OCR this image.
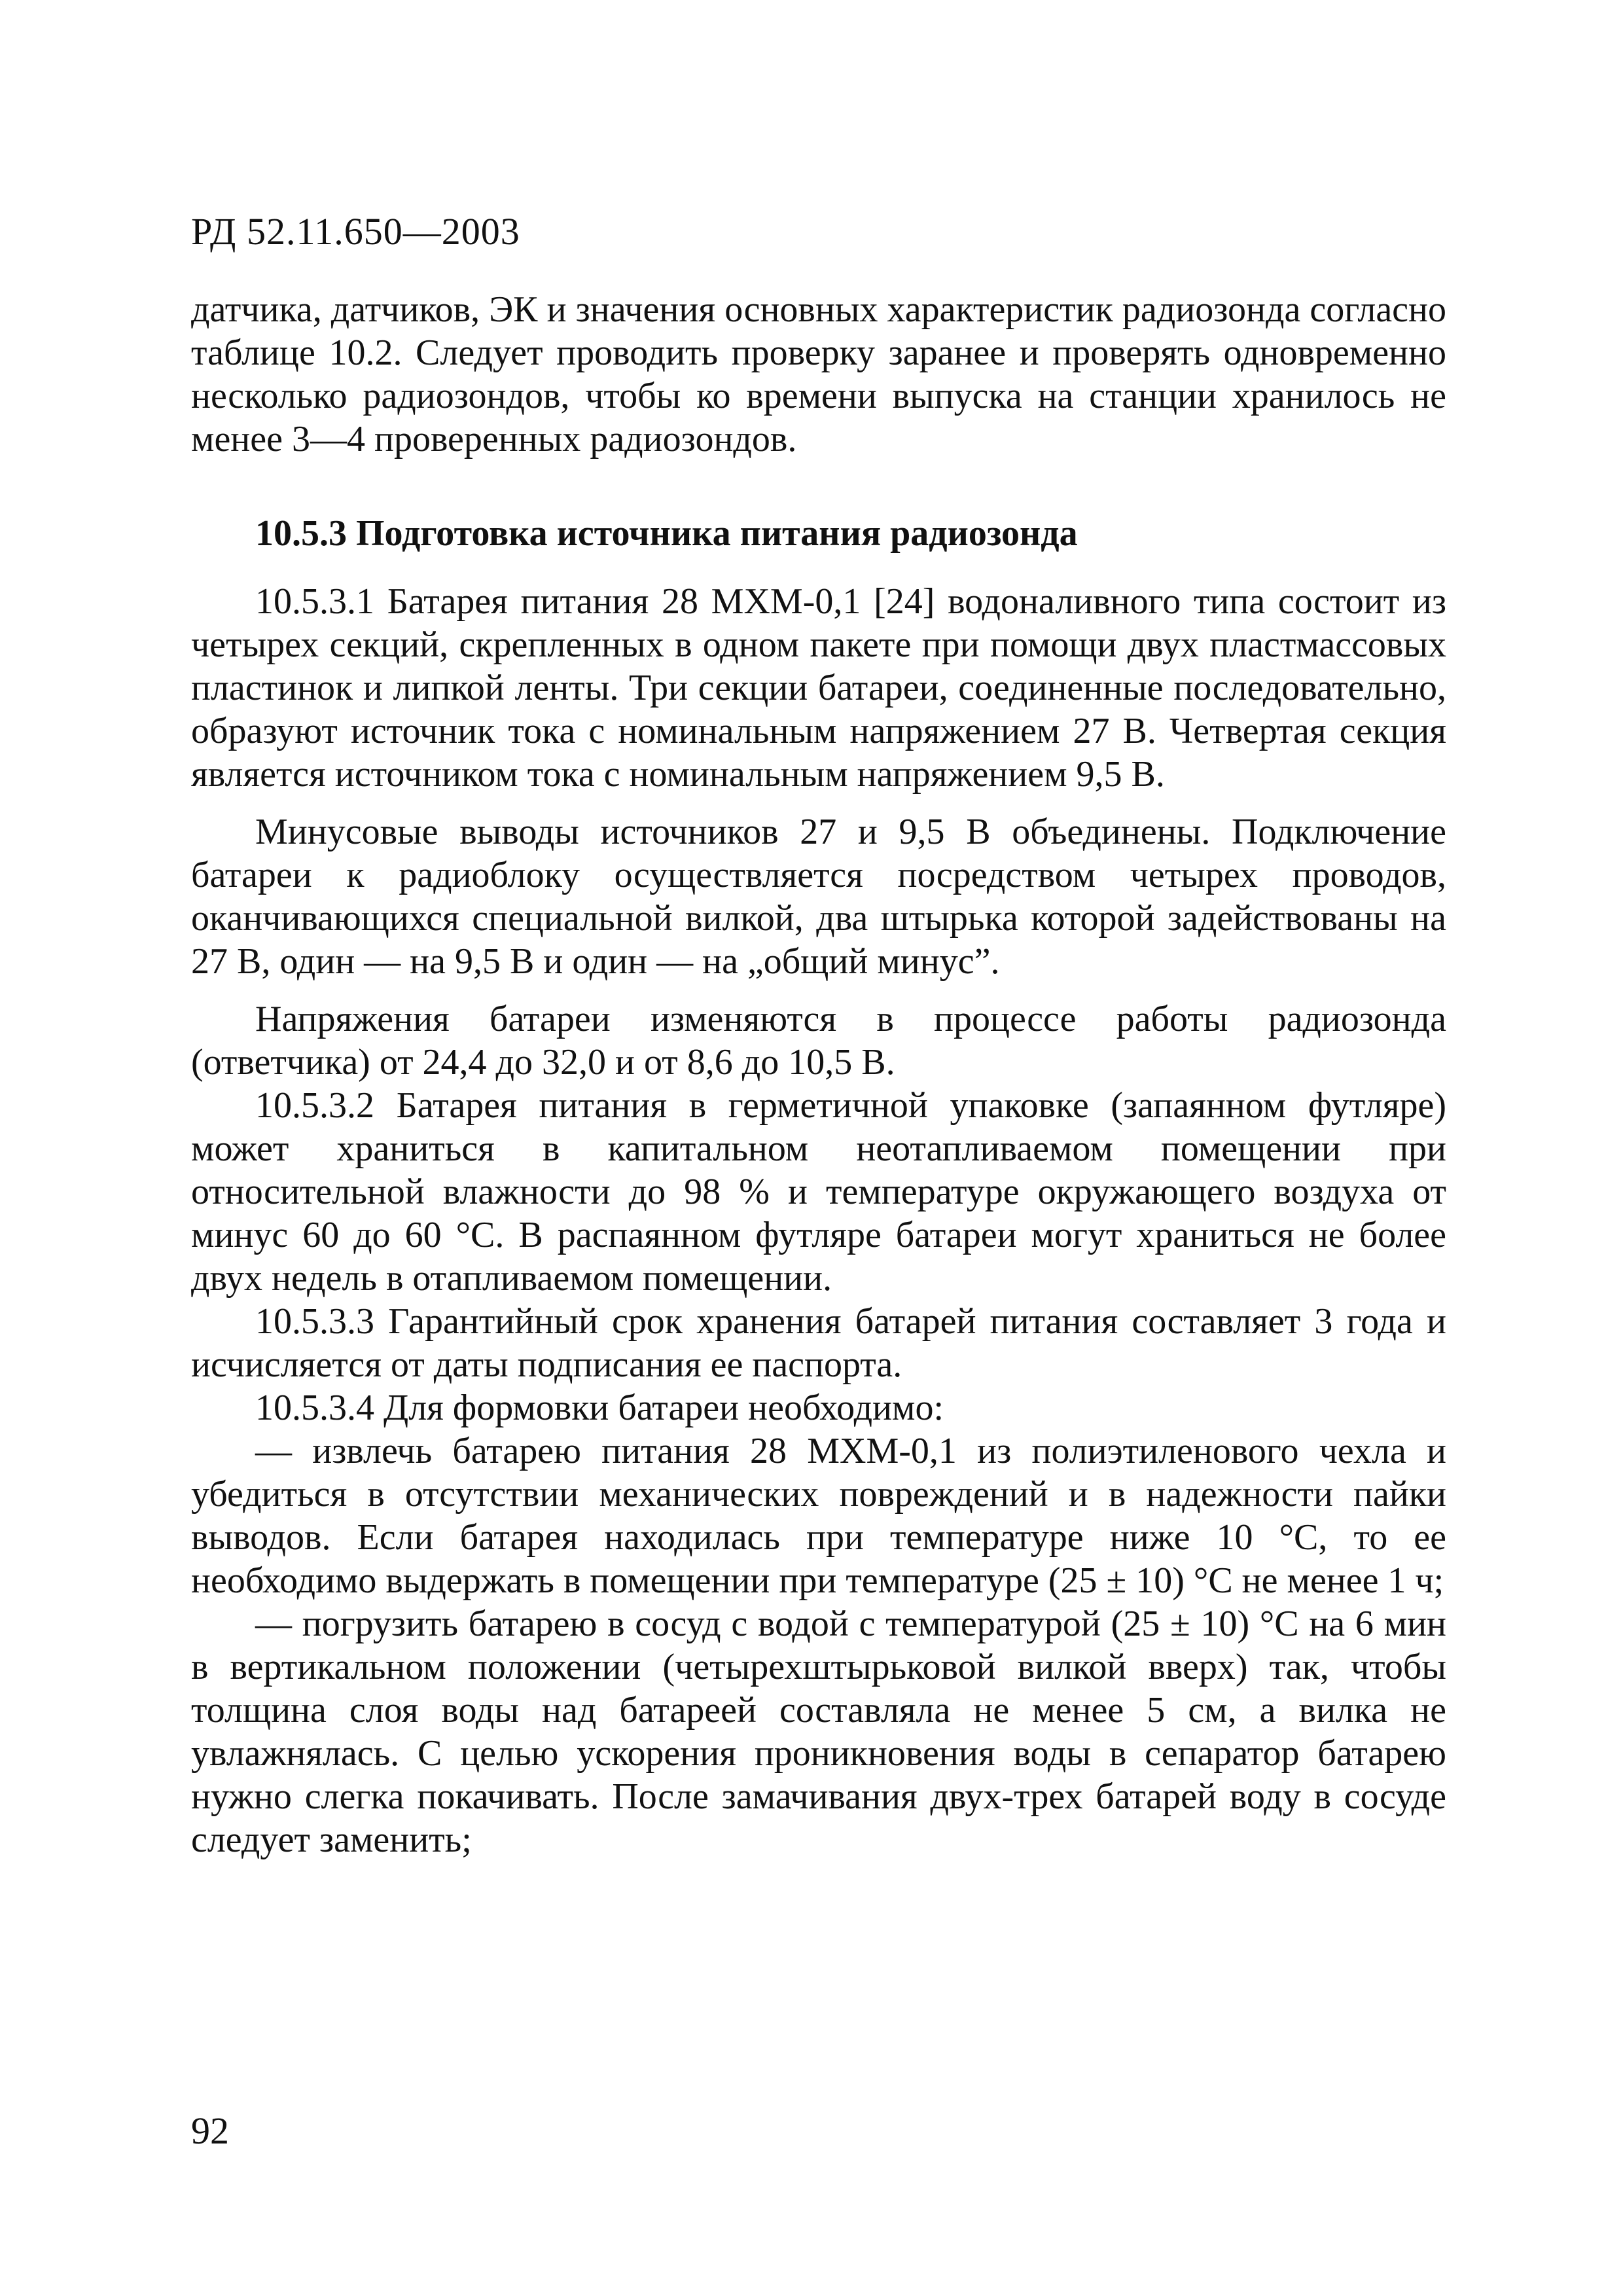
РД 52.11.650—2003

датчика, датчиков, ЭК и значения основных характеристик радиозонда согласно таблице 10.2. Следует проводить проверку заранее и проверять одновременно несколько радиозондов, чтобы ко времени выпуска на станции хранилось не менее 3—4 проверенных радиозондов.

10.5.3 Подготовка источника питания радиозонда

10.5.3.1 Батарея питания 28 МХМ-0,1 [24] водоналивного типа состоит из четырех секций, скрепленных в одном пакете при помощи двух пластмассовых пластинок и липкой ленты. Три секции батареи, соединенные последовательно, образуют источник тока с номинальным напряжением 27 В. Четвертая секция является источником тока с номинальным напряжением 9,5 В.

Минусовые выводы источников 27 и 9,5 В объединены. Подключение батареи к радиоблоку осуществляется посредством четырех проводов, оканчивающихся специальной вилкой, два штырька которой задействованы на 27 В, один — на 9,5 В и один — на „общий минус”.

Напряжения батареи изменяются в процессе работы радиозонда (ответчика) от 24,4 до 32,0 и от 8,6 до 10,5 В.

10.5.3.2 Батарея питания в герметичной упаковке (запаянном футляре) может храниться в капитальном неотапливаемом помещении при относительной влажности до 98 % и температуре окружающего воздуха от минус 60 до 60 °С. В распаянном футляре батареи могут храниться не более двух недель в отапливаемом помещении.

10.5.3.3 Гарантийный срок хранения батарей питания составляет 3 года и исчисляется от даты подписания ее паспорта.

10.5.3.4 Для формовки батареи необходимо:

— извлечь батарею питания 28 МХМ-0,1 из полиэтиленового чехла и убедиться в отсутствии механических повреждений и в надежности пайки выводов. Если батарея находилась при температуре ниже 10 °С, то ее необходимо выдержать в помещении при температуре (25 ± 10) °С не менее 1 ч;

— погрузить батарею в сосуд с водой с температурой (25 ± 10) °С на 6 мин в вертикальном положении (четырехштырьковой вилкой вверх) так, чтобы толщина слоя воды над батареей составляла не менее 5 см, а вилка не увлажнялась. С целью ускорения проникновения воды в сепаратор батарею нужно слегка покачивать. После замачивания двух-трех батарей воду в сосуде следует заменить;

92
